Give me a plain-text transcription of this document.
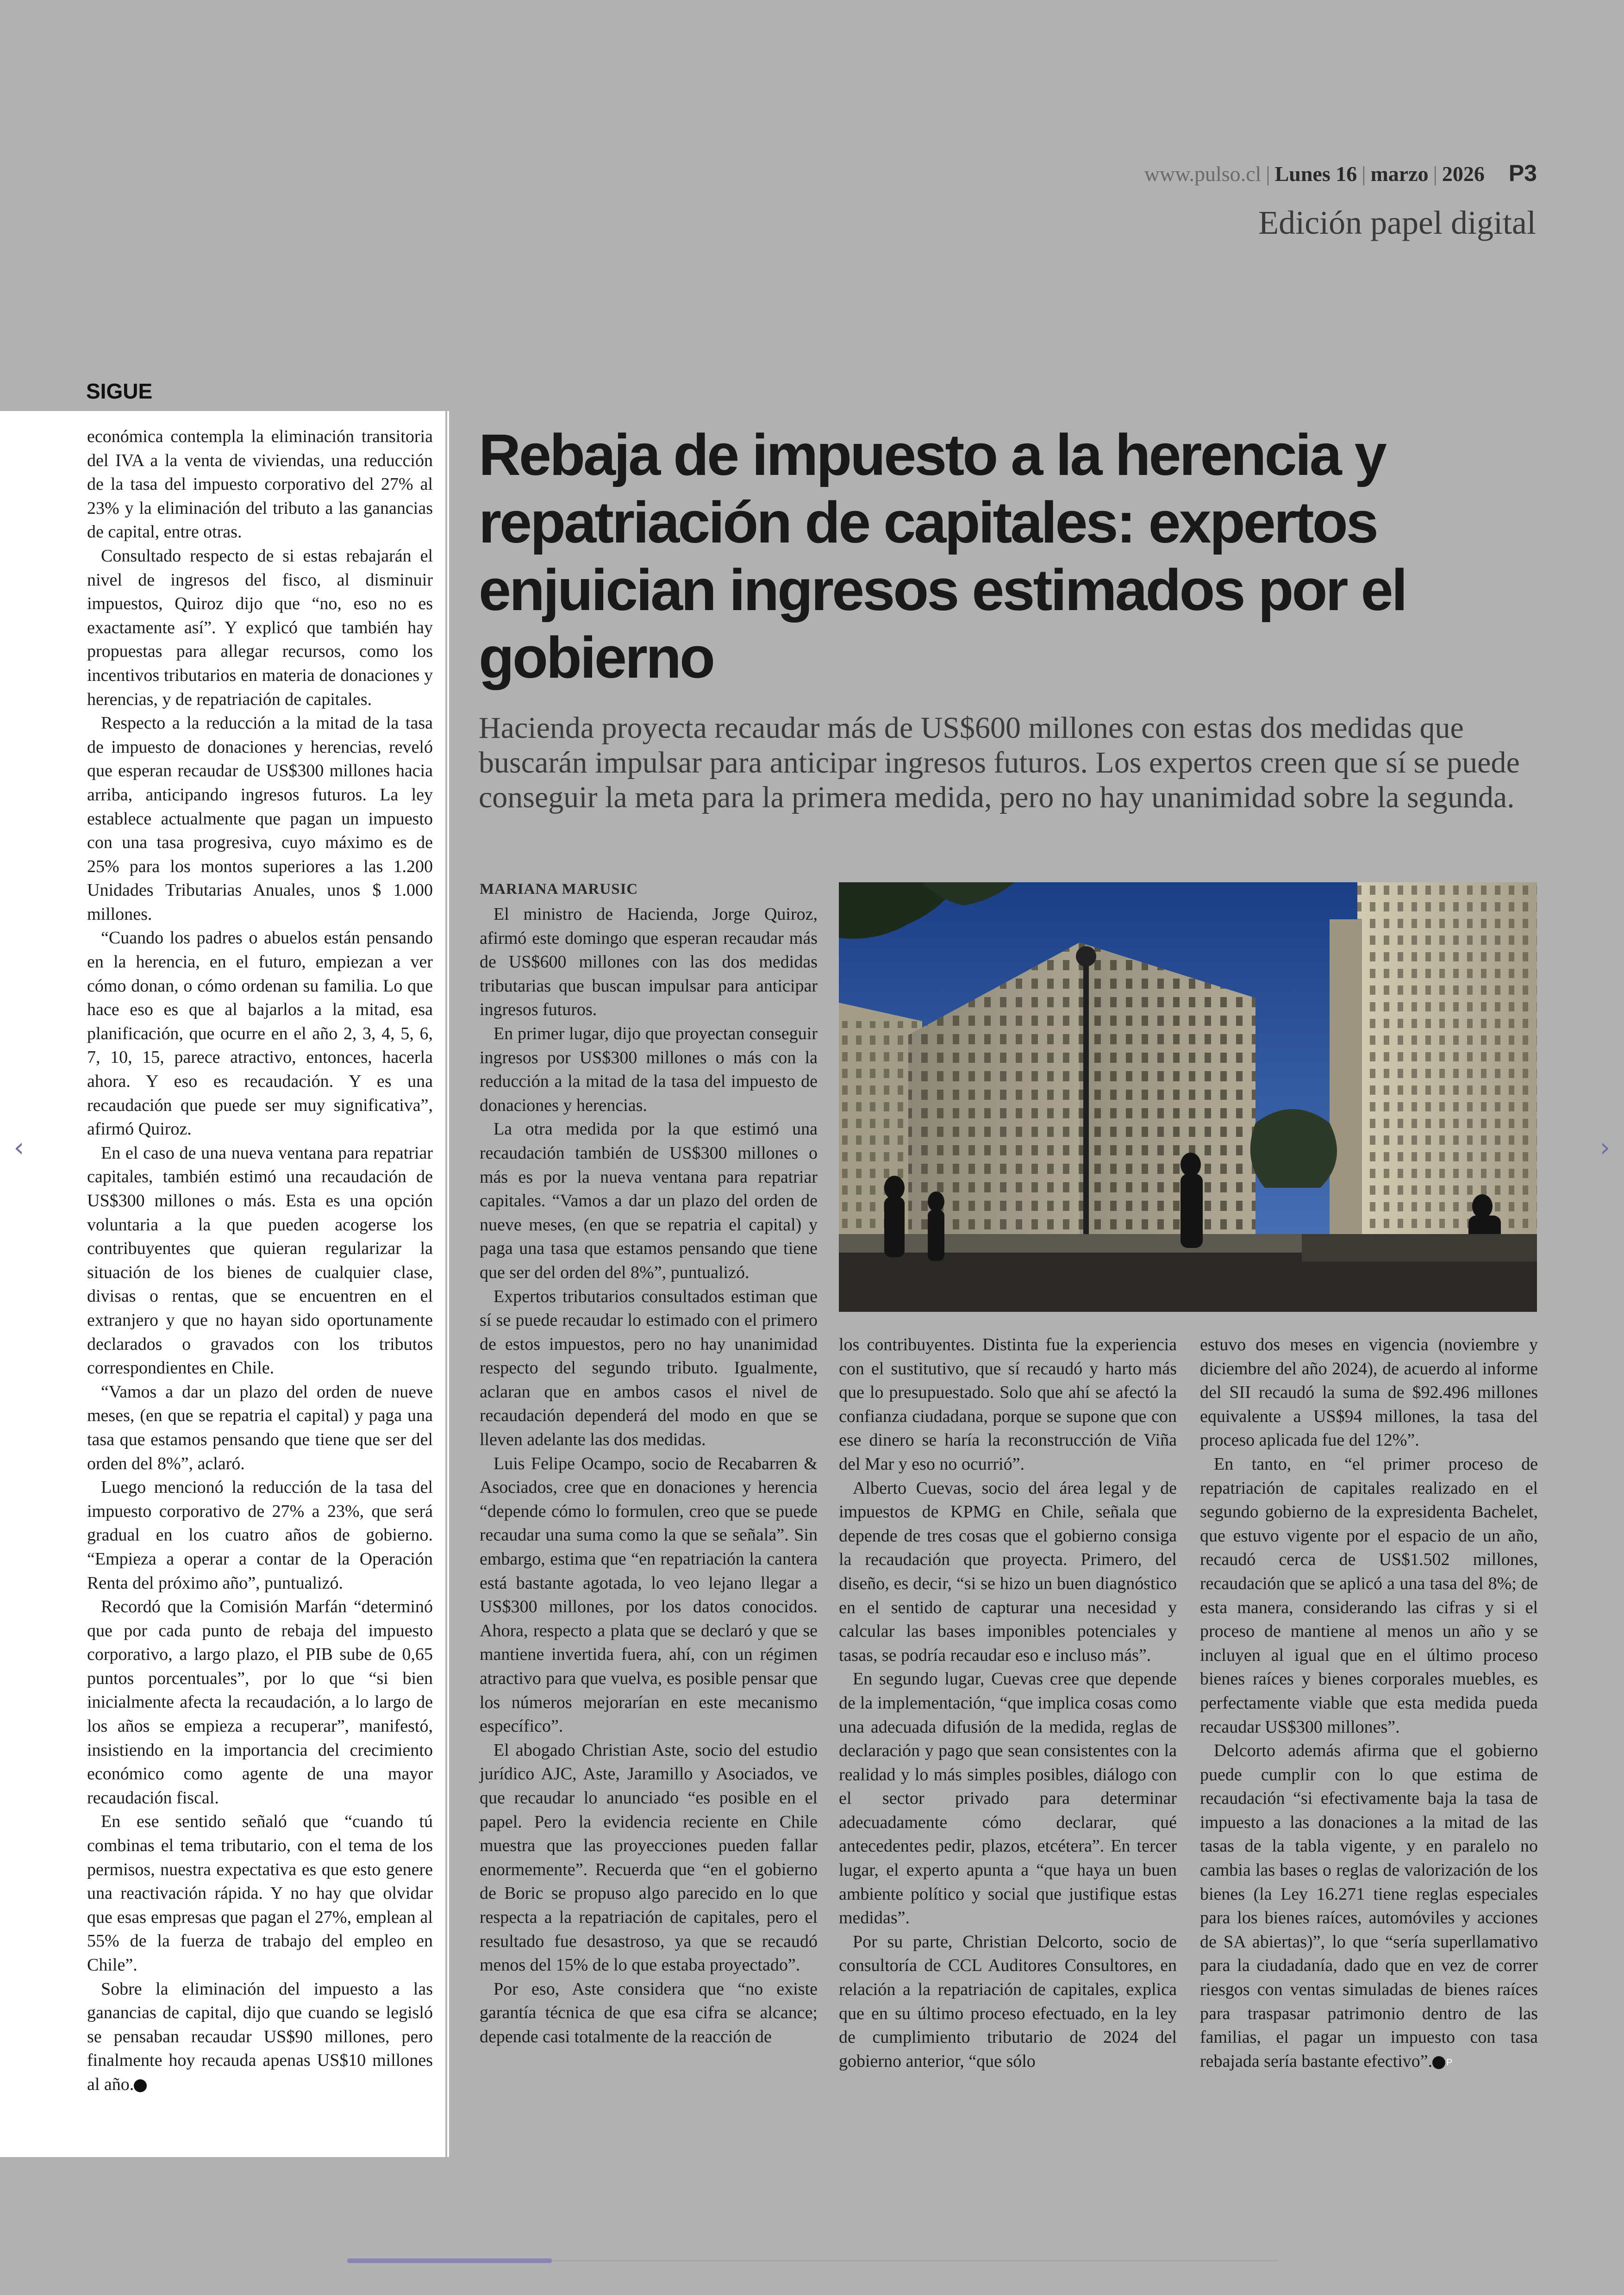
www.pulso.cl | Lunes 16 | marzo | 2026 P3
Edición papel digital
SIGUE

económica contempla la eliminación transitoria del IVA a la venta de viviendas, una reducción de la tasa del impuesto corporativo del 27% al 23% y la eliminación del tributo a las ganancias de capital, entre otras.

Consultado respecto de si estas rebajarán el nivel de ingresos del fisco, al disminuir impuestos, Quiroz dijo que “no, eso no es exactamente así”. Y explicó que también hay propuestas para allegar recursos, como los incentivos tributarios en materia de donaciones y herencias, y de repatriación de capitales.

Respecto a la reducción a la mitad de la tasa de impuesto de donaciones y herencias, reveló que esperan recaudar de US$300 millones hacia arriba, anticipando ingresos futuros. La ley establece actualmente que pagan un impuesto con una tasa progresiva, cuyo máximo es de 25% para los montos superiores a las 1.200 Unidades Tributarias Anuales, unos $ 1.000 millones.

“Cuando los padres o abuelos están pensando en la herencia, en el futuro, empiezan a ver cómo donan, o cómo ordenan su familia. Lo que hace eso es que al bajarlos a la mitad, esa planificación, que ocurre en el año 2, 3, 4, 5, 6, 7, 10, 15, parece atractivo, entonces, hacerla ahora. Y eso es recaudación. Y es una recaudación que puede ser muy significativa”, afirmó Quiroz.

En el caso de una nueva ventana para repatriar capitales, también estimó una recaudación de US$300 millones o más. Esta es una opción voluntaria a la que pueden acogerse los contribuyentes que quieran regularizar la situación de los bienes de cualquier clase, divisas o rentas, que se encuentren en el extranjero y que no hayan sido oportunamente declarados o gravados con los tributos correspondientes en Chile.

“Vamos a dar un plazo del orden de nueve meses, (en que se repatria el capital) y paga una tasa que estamos pensando que tiene que ser del orden del 8%”, aclaró.

Luego mencionó la reducción de la tasa del impuesto corporativo de 27% a 23%, que será gradual en los cuatro años de gobierno. “Empieza a operar a contar de la Operación Renta del próximo año”, puntualizó.

Recordó que la Comisión Marfán “determinó que por cada punto de rebaja del impuesto corporativo, a largo plazo, el PIB sube de 0,65 puntos porcentuales”, por lo que “si bien inicialmente afecta la recaudación, a lo largo de los años se empieza a recuperar”, manifestó, insistiendo en la importancia del crecimiento económico como agente de una mayor recaudación fiscal.

En ese sentido señaló que “cuando tú combinas el tema tributario, con el tema de los permisos, nuestra expectativa es que esto genere una reactivación rápida. Y no hay que olvidar que esas empresas que pagan el 27%, emplean al 55% de la fuerza de trabajo del empleo en Chile”.

Sobre la eliminación del impuesto a las ganancias de capital, dijo que cuando se legisló se pensaban recaudar US$90 millones, pero finalmente hoy recauda apenas US$10 millones al año. P

Rebaja de impuesto a la herencia y repatriación de capitales: expertos enjuician ingresos estimados por el gobierno

Hacienda proyecta recaudar más de US$600 millones con estas dos medidas que buscarán impulsar para anticipar ingresos futuros. Los expertos creen que sí se puede conseguir la meta para la primera medida, pero no hay unanimidad sobre la segunda.

MARIANA MARUSIC

El ministro de Hacienda, Jorge Quiroz, afirmó este domingo que esperan recaudar más de US$600 millones con las dos medidas tributarias que buscan impulsar para anticipar ingresos futuros.

En primer lugar, dijo que proyectan conseguir ingresos por US$300 millones o más con la reducción a la mitad de la tasa del impuesto de donaciones y herencias.

La otra medida por la que estimó una recaudación también de US$300 millones o más es por la nueva ventana para repatriar capitales. “Vamos a dar un plazo del orden de nueve meses, (en que se repatria el capital) y paga una tasa que estamos pensando que tiene que ser del orden del 8%”, puntualizó.

Expertos tributarios consultados estiman que sí se puede recaudar lo estimado con el primero de estos impuestos, pero no hay unanimidad respecto del segundo tributo. Igualmente, aclaran que en ambos casos el nivel de recaudación dependerá del modo en que se lleven adelante las dos medidas.

Luis Felipe Ocampo, socio de Recabarren & Asociados, cree que en donaciones y herencia “depende cómo lo formulen, creo que se puede recaudar una suma como la que se señala”. Sin embargo, estima que “en repatriación la cantera está bastante agotada, lo veo lejano llegar a US$300 millones, por los datos conocidos. Ahora, respecto a plata que se declaró y que se mantiene invertida fuera, ahí, con un régimen atractivo para que vuelva, es posible pensar que los números mejorarían en este mecanismo específico”.

El abogado Christian Aste, socio del estudio jurídico AJC, Aste, Jaramillo y Asociados, ve que recaudar lo anunciado “es posible en el papel. Pero la evidencia reciente en Chile muestra que las proyecciones pueden fallar enormemente”. Recuerda que “en el gobierno de Boric se propuso algo parecido en lo que respecta a la repatriación de capitales, pero el resultado fue desastroso, ya que se recaudó menos del 15% de lo que estaba proyectado”.

Por eso, Aste considera que “no existe garantía técnica de que esa cifra se alcance; depende casi totalmente de la reacción de

los contribuyentes. Distinta fue la experiencia con el sustitutivo, que sí recaudó y harto más que lo presupuestado. Solo que ahí se afectó la confianza ciudadana, porque se supone que con ese dinero se haría la reconstrucción de Viña del Mar y eso no ocurrió”.

Alberto Cuevas, socio del área legal y de impuestos de KPMG en Chile, señala que depende de tres cosas que el gobierno consiga la recaudación que proyecta. Primero, del diseño, es decir, “si se hizo un buen diagnóstico en el sentido de capturar una necesidad y calcular las bases imponibles potenciales y tasas, se podría recaudar eso e incluso más”.

En segundo lugar, Cuevas cree que depende de la implementación, “que implica cosas como una adecuada difusión de la medida, reglas de declaración y pago que sean consistentes con la realidad y lo más simples posibles, diálogo con el sector privado para determinar adecuadamente cómo declarar, qué antecedentes pedir, plazos, etcétera”. En tercer lugar, el experto apunta a “que haya un buen ambiente político y social que justifique estas medidas”.

Por su parte, Christian Delcorto, socio de consultoría de CCL Auditores Consultores, en relación a la repatriación de capitales, explica que en su último proceso efectuado, en la ley de cumplimiento tributario de 2024 del gobierno anterior, “que sólo

estuvo dos meses en vigencia (noviembre y diciembre del año 2024), de acuerdo al informe del SII recaudó la suma de $92.496 millones equivalente a US$94 millones, la tasa del proceso aplicada fue del 12%”.

En tanto, en “el primer proceso de repatriación de capitales realizado en el segundo gobierno de la expresidenta Bachelet, que estuvo vigente por el espacio de un año, recaudó cerca de US$1.502 millones, recaudación que se aplicó a una tasa del 8%; de esta manera, considerando las cifras y si el proceso de mantiene al menos un año y se incluyen al igual que en el último proceso bienes raíces y bienes corporales muebles, es perfectamente viable que esta medida pueda recaudar US$300 millones”.

Delcorto además afirma que el gobierno puede cumplir con lo que estima de recaudación “si efectivamente baja la tasa de impuesto a las donaciones a la mitad de las tasas de la tabla vigente, y en paralelo no cambia las bases o reglas de valorización de los bienes (la Ley 16.271 tiene reglas especiales para los bienes raíces, automóviles y acciones de SA abiertas)”, lo que “sería superllamativo para la ciudadanía, dado que en vez de correr riesgos con ventas simuladas de bienes raíces para traspasar patrimonio dentro de las familias, el pagar un impuesto con tasa rebajada sería bastante efectivo”. P

‹	›
